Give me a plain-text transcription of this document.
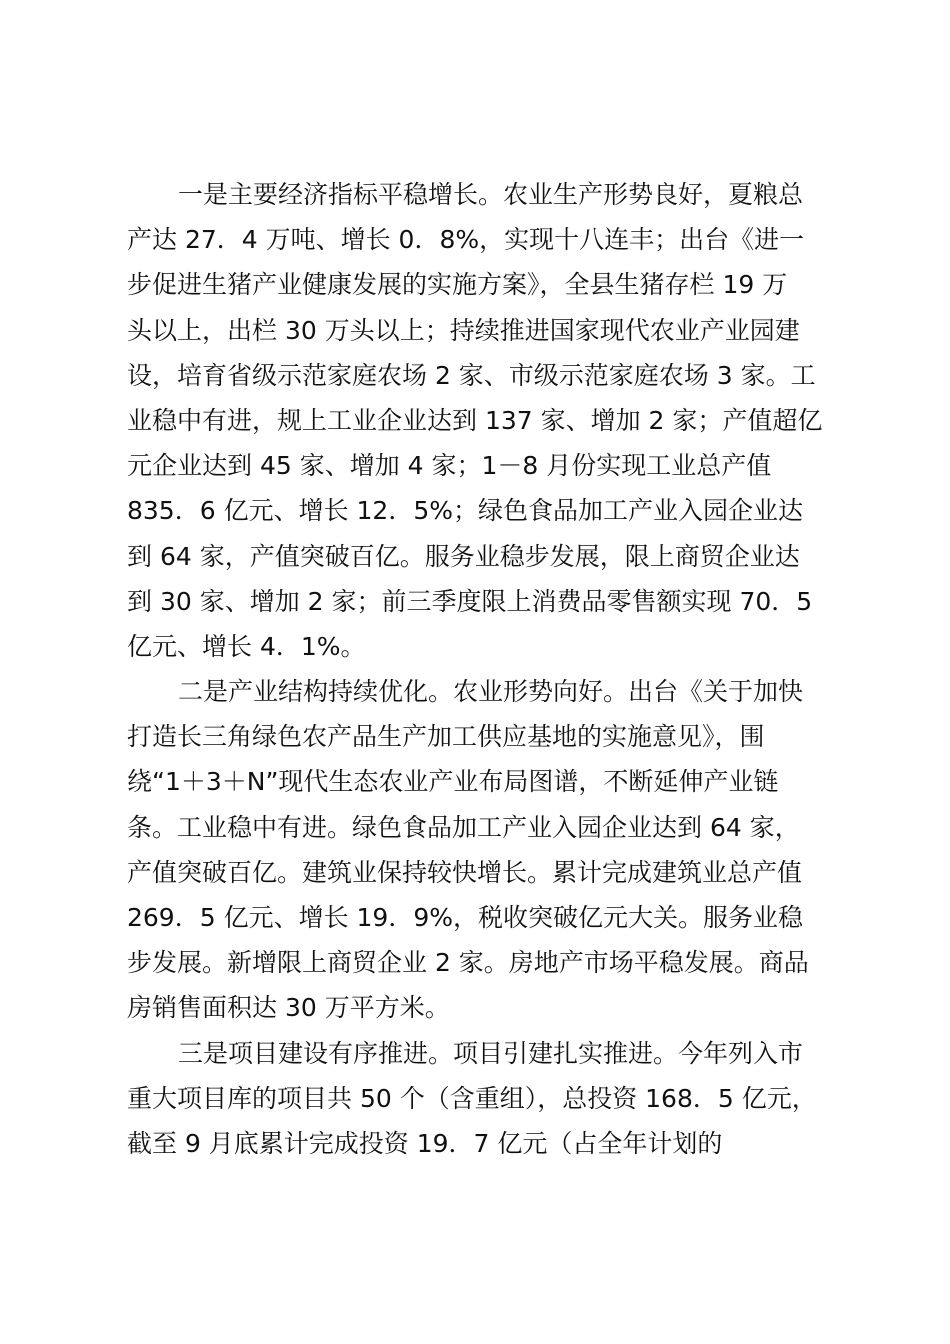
一是主要经济指标平稳增长。农业生产形势良好，夏粮总
产达 27．4 万吨、增长 0．8%，实现十八连丰；出台《进一
步促进生猪产业健康发展的实施方案》，全县生猪存栏 19 万
头以上，出栏 30 万头以上；持续推进国家现代农业产业园建
设，培育省级示范家庭农场 2 家、市级示范家庭农场 3 家。工
业稳中有进，规上工业企业达到 137 家、增加 2 家；产值超亿
元企业达到 45 家、增加 4 家；1－8 月份实现工业总产值
835．6 亿元、增长 12．5%；绿色食品加工产业入园企业达
到 64 家，产值突破百亿。服务业稳步发展，限上商贸企业达
到 30 家、增加 2 家；前三季度限上消费品零售额实现 70．5
亿元、增长 4．1%。
二是产业结构持续优化。农业形势向好。出台《关于加快
打造长三角绿色农产品生产加工供应基地的实施意见》，围
绕“1＋3＋N”现代生态农业产业布局图谱，不断延伸产业链
条。工业稳中有进。绿色食品加工产业入园企业达到 64 家，
产值突破百亿。建筑业保持较快增长。累计完成建筑业总产值
269．5 亿元、增长 19．9%，税收突破亿元大关。服务业稳
步发展。新增限上商贸企业 2 家。房地产市场平稳发展。商品
房销售面积达 30 万平方米。
三是项目建设有序推进。项目引建扎实推进。今年列入市
重大项目库的项目共 50 个（含重组），总投资 168．5 亿元，
截至 9 月底累计完成投资 19．7 亿元（占全年计划的
